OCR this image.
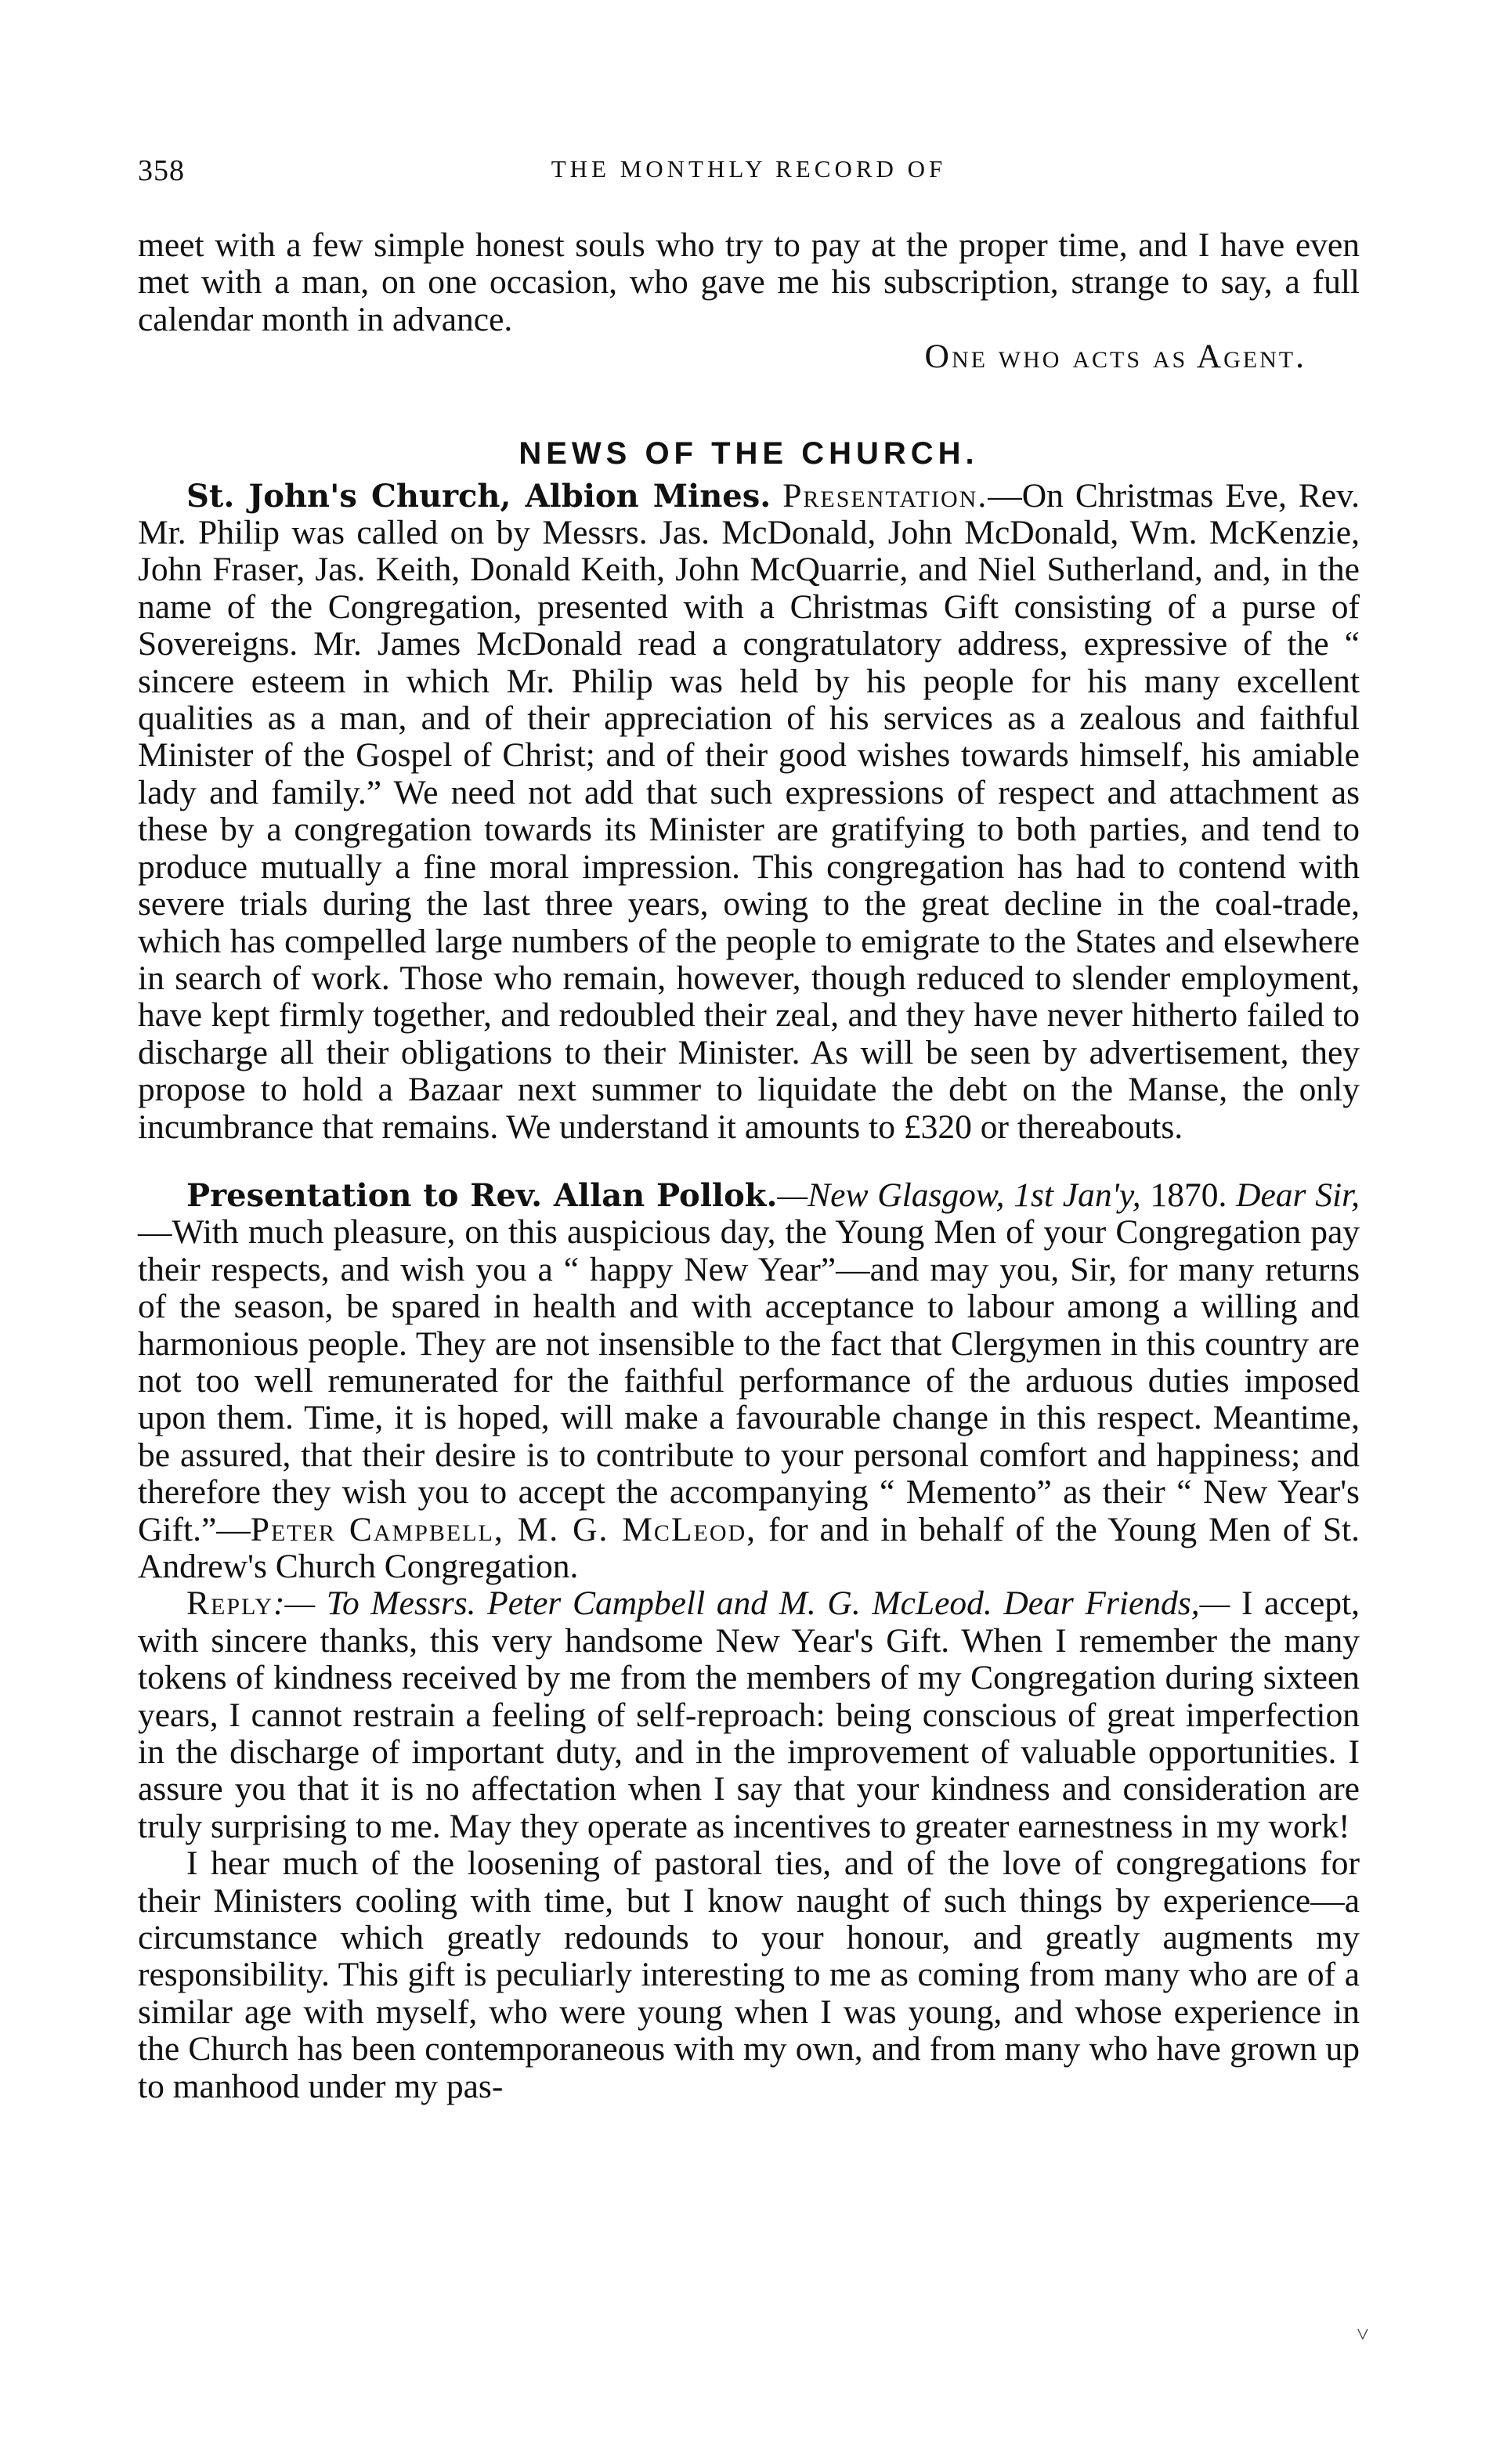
358	THE MONTHLY RECORD OF

meet with a few simple honest souls who try to pay at the proper time, and I have even met with a man, on one occasion, who gave me his subscription, strange to say, a full calendar month in advance.

One who acts as Agent.

NEWS OF THE CHURCH.

St. John's Church, Albion Mines. Presentation.—On Christmas Eve, Rev. Mr. Philip was called on by Messrs. Jas. McDonald, John McDonald, Wm. McKenzie, John Fraser, Jas. Keith, Donald Keith, John McQuarrie, and Niel Sutherland, and, in the name of the Congregation, presented with a Christmas Gift consisting of a purse of Sovereigns. Mr. James McDonald read a congratulatory address, expressive of the “ sincere esteem in which Mr. Philip was held by his people for his many excellent qualities as a man, and of their appreciation of his services as a zealous and faithful Minister of the Gospel of Christ; and of their good wishes towards himself, his amiable lady and family.” We need not add that such expressions of respect and attachment as these by a congregation towards its Minister are gratifying to both parties, and tend to produce mutually a fine moral impression. This congregation has had to contend with severe trials during the last three years, owing to the great decline in the coal-trade, which has compelled large numbers of the people to emigrate to the States and elsewhere in search of work. Those who remain, however, though reduced to slender employment, have kept firmly together, and redoubled their zeal, and they have never hitherto failed to discharge all their obligations to their Minister. As will be seen by advertisement, they propose to hold a Bazaar next summer to liquidate the debt on the Manse, the only incumbrance that remains. We understand it amounts to £320 or thereabouts.

Presentation to Rev. Allan Pollok.—New Glasgow, 1st Jan'y, 1870. Dear Sir,—With much pleasure, on this auspicious day, the Young Men of your Congregation pay their respects, and wish you a “ happy New Year”—and may you, Sir, for many returns of the season, be spared in health and with acceptance to labour among a willing and harmonious people. They are not insensible to the fact that Clergymen in this country are not too well remunerated for the faithful performance of the arduous duties imposed upon them. Time, it is hoped, will make a favourable change in this respect. Meantime, be assured, that their desire is to contribute to your personal comfort and happiness; and therefore they wish you to accept the accompanying “ Memento” as their “ New Year's Gift.”—Peter Campbell, M. G. McLeod, for and in behalf of the Young Men of St. Andrew's Church Congregation.

Reply:— To Messrs. Peter Campbell and M. G. McLeod. Dear Friends,— I accept, with sincere thanks, this very handsome New Year's Gift. When I remember the many tokens of kindness received by me from the members of my Congregation during sixteen years, I cannot restrain a feeling of self-reproach: being conscious of great imperfection in the discharge of important duty, and in the improvement of valuable opportunities. I assure you that it is no affectation when I say that your kindness and consideration are truly surprising to me. May they operate as incentives to greater earnestness in my work!

I hear much of the loosening of pastoral ties, and of the love of congregations for their Ministers cooling with time, but I know naught of such things by experience—a circumstance which greatly redounds to your honour, and greatly augments my responsibility. This gift is peculiarly interesting to me as coming from many who are of a similar age with myself, who were young when I was young, and whose experience in the Church has been contemporaneous with my own, and from many who have grown up to manhood under my pas-

˅
